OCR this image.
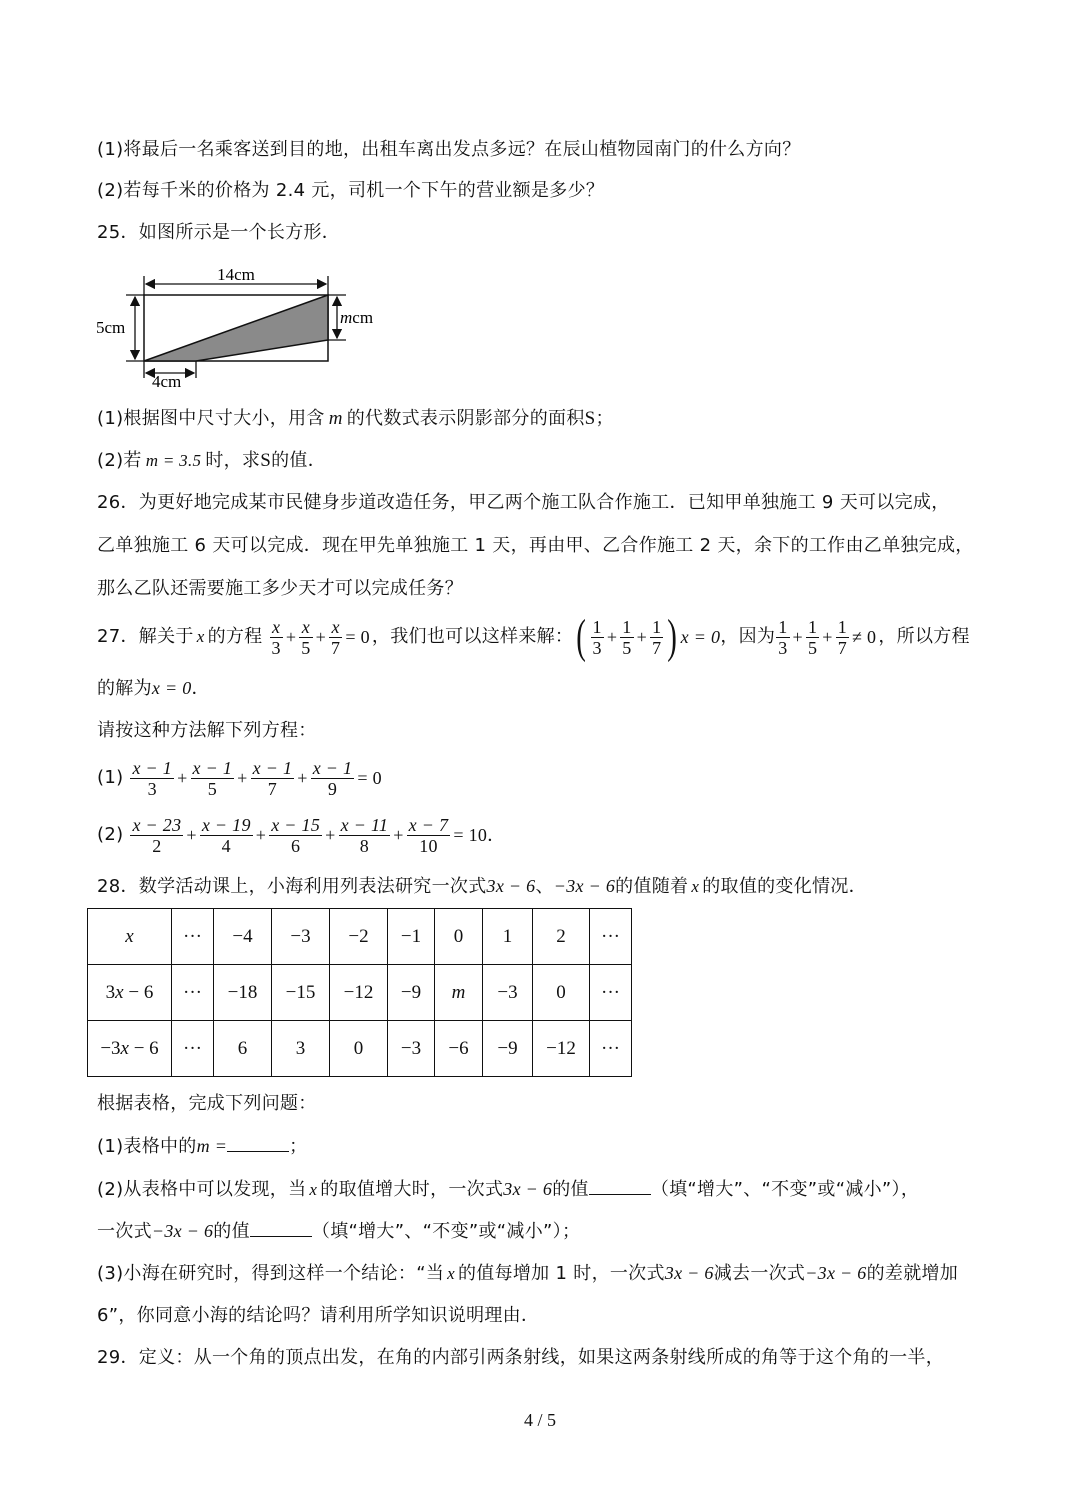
(1)将最后一名乘客送到目的地，出租车离出发点多远？在辰山植物园南门的什么方向？
(2)若每千米的价格为 2.4 元，司机一个下午的营业额是多少？
25．如图所示是一个长方形．
14cm
5cm
4cm
mcm
(1)根据图中尺寸大小，用含 m 的代数式表示阴影部分的面积S；
(2)若 m = 3.5 时，求S的值．
26．为更好地完成某市民健身步道改造任务，甲乙两个施工队合作施工．已知甲单独施工 9 天可以完成，
乙单独施工 6 天可以完成．现在甲先单独施工 1 天，再由甲、乙合作施工 2 天，余下的工作由乙单独完成，
那么乙队还需要施工多少天才可以完成任务？
27．解关于 x 的方程 $\frac{x}{3} + \frac{x}{5} + \frac{x}{7} = 0$ ，我们也可以这样来解：( $\frac{1}{3} + \frac{1}{5} + \frac{1}{7}$ ) x = 0，因为 $\frac{1}{3} + \frac{1}{5} + \frac{1}{7} \ne 0$ ，所以方程
的解为x = 0．
请按这种方法解下列方程：
$(1) \frac{x - 1}{3} + \frac{x - 1}{5} + \frac{x - 1}{7} + \frac{x - 1}{9} = 0$
$(2) \frac{x - 23}{2} + \frac{x - 19}{4} + \frac{x - 15}{6} + \frac{x - 11}{8} + \frac{x - 7}{10} = 10$．
28．数学活动课上，小海利用列表法研究一次式3x − 6、−3x − 6的值随着 x 的取值的变化情况．
x	···	−4	−3	−2	−1	0	1	2	···
3x − 6	···	−18	−15	−12	−9	m	−3	0	···
−3x − 6	···	6	3	0	−3	−6	−9	−12	···
根据表格，完成下列问题：
(1)表格中的m =	；
(2)从表格中可以发现，当 x 的取值增大时，一次式3x − 6的值	（填“增大”、“不变”或“减小”），
一次式−3x − 6的值	（填“增大”、“不变”或“减小”）；
(3)小海在研究时，得到这样一个结论：“当 x 的值每增加 1 时，一次式3x − 6减去一次式−3x − 6的差就增加
6”，你同意小海的结论吗？请利用所学知识说明理由．
29．定义：从一个角的顶点出发，在角的内部引两条射线，如果这两条射线所成的角等于这个角的一半，
4 / 5
